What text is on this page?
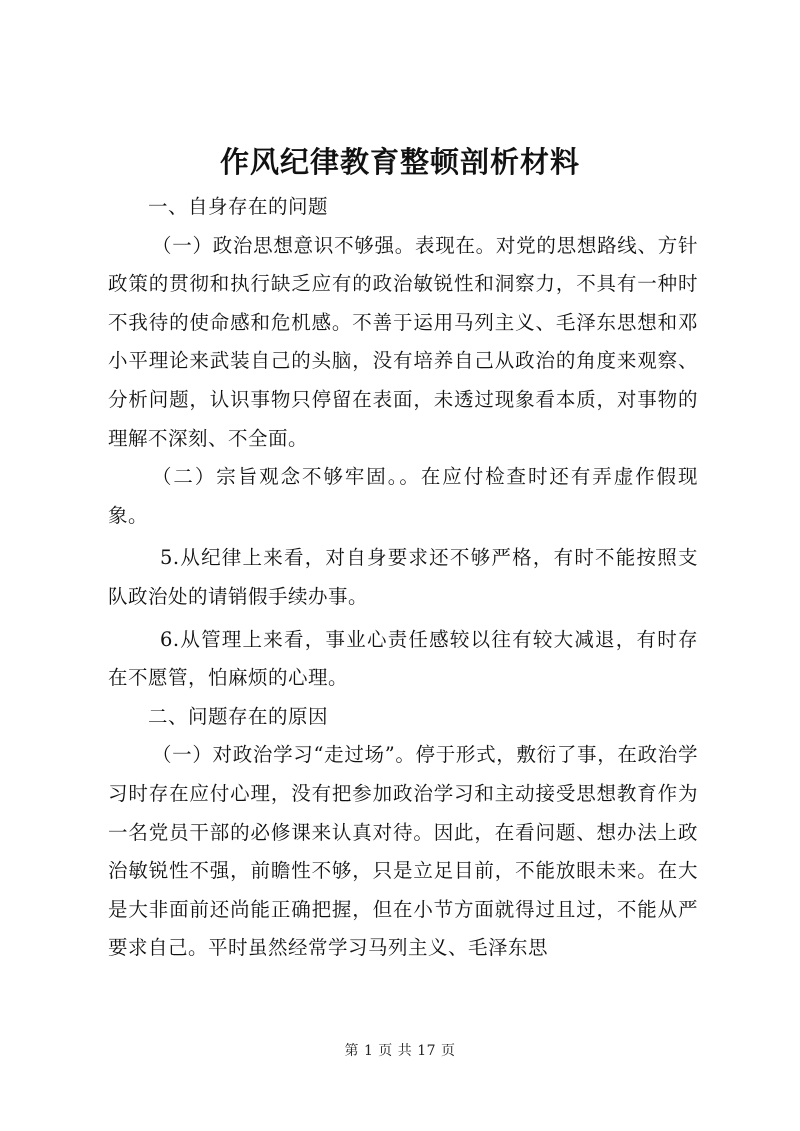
作风纪律教育整顿剖析材料

一、自身存在的问题

（一）政治思想意识不够强。表现在。对党的思想路线、方针政策的贯彻和执行缺乏应有的政治敏锐性和洞察力，不具有一种时不我待的使命感和危机感。不善于运用马列主义、毛泽东思想和邓小平理论来武装自己的头脑，没有培养自己从政治的角度来观察、分析问题，认识事物只停留在表面，未透过现象看本质，对事物的理解不深刻、不全面。

（二）宗旨观念不够牢固。。在应付检查时还有弄虚作假现象。

5.从纪律上来看，对自身要求还不够严格，有时不能按照支队政治处的请销假手续办事。

6.从管理上来看，事业心责任感较以往有较大减退，有时存在不愿管，怕麻烦的心理。

二、问题存在的原因

（一）对政治学习“走过场”。停于形式，敷衍了事，在政治学习时存在应付心理，没有把参加政治学习和主动接受思想教育作为一名党员干部的必修课来认真对待。因此，在看问题、想办法上政治敏锐性不强，前瞻性不够，只是立足目前，不能放眼未来。在大是大非面前还尚能正确把握，但在小节方面就得过且过，不能从严要求自己。平时虽然经常学习马列主义、毛泽东思

第 1 页 共 17 页
